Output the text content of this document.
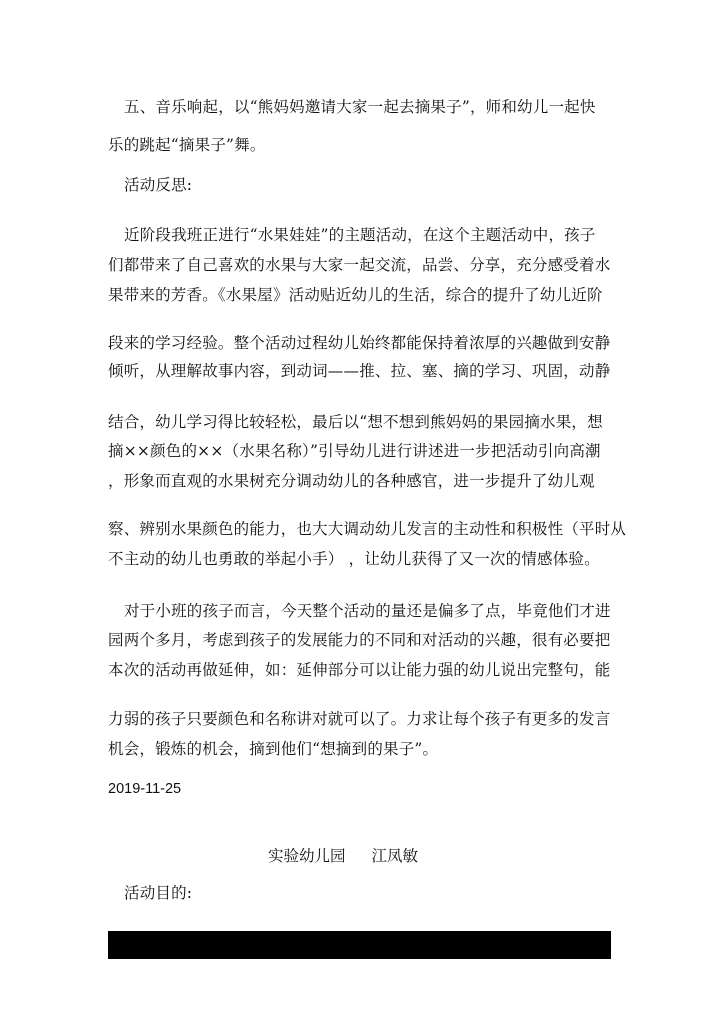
五、音乐响起，以“熊妈妈邀请大家一起去摘果子”，师和幼儿一起快
乐的跳起“摘果子”舞。
活动反思:
近阶段我班正进行“水果娃娃”的主题活动，在这个主题活动中，孩子
们都带来了自己喜欢的水果与大家一起交流，品尝、分享，充分感受着水
果带来的芳香。《水果屋》活动贴近幼儿的生活，综合的提升了幼儿近阶
段来的学习经验。整个活动过程幼儿始终都能保持着浓厚的兴趣做到安静
倾听，从理解故事内容，到动词——推、拉、塞、摘的学习、巩固，动静
结合，幼儿学习得比较轻松，最后以“想不想到熊妈妈的果园摘水果，想
摘××颜色的××（水果名称）”引导幼儿进行讲述进一步把活动引向高潮
，形象而直观的水果树充分调动幼儿的各种感官，进一步提升了幼儿观
察、辨别水果颜色的能力，也大大调动幼儿发言的主动性和积极性（平时从
不主动的幼儿也勇敢的举起小手） ，让幼儿获得了又一次的情感体验。
对于小班的孩子而言，今天整个活动的量还是偏多了点，毕竟他们才进
园两个多月，考虑到孩子的发展能力的不同和对活动的兴趣，很有必要把
本次的活动再做延伸，如：延伸部分可以让能力强的幼儿说出完整句，能
力弱的孩子只要颜色和名称讲对就可以了。力求让每个孩子有更多的发言
机会，锻炼的机会，摘到他们“想摘到的果子”。
2019-11-25
实验幼儿园 江凤敏
活动目的:
